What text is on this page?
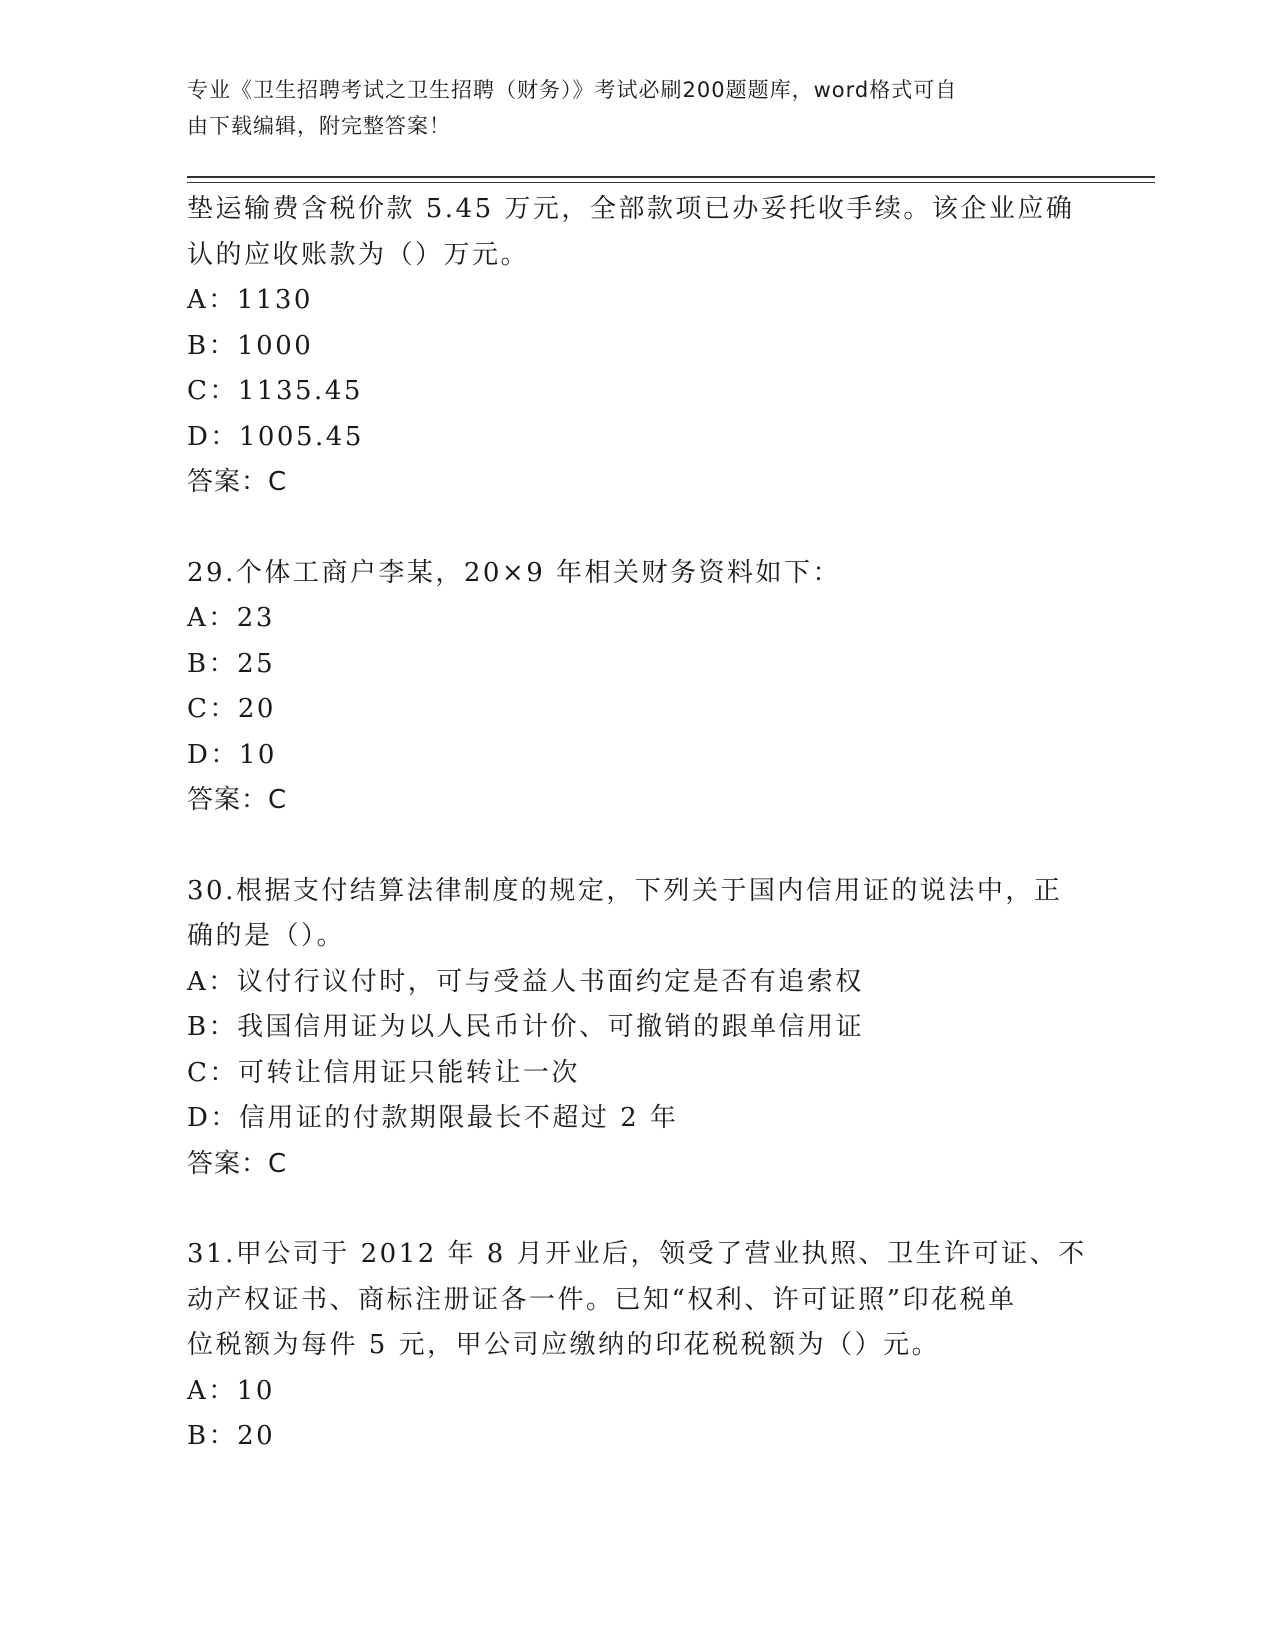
专业《卫生招聘考试之卫生招聘（财务）》考试必刷200题题库，word格式可自
由下载编辑，附完整答案！
垫运输费含税价款 5.45 万元，全部款项已办妥托收手续。该企业应确
认的应收账款为（）万元。
A：1130
B：1000
C：1135.45
D：1005.45
答案：C
29.个体工商户李某，20×9 年相关财务资料如下：
A：23
B：25
C：20
D：10
答案：C
30.根据支付结算法律制度的规定，下列关于国内信用证的说法中，正
确的是（）。
A：议付行议付时，可与受益人书面约定是否有追索权
B：我国信用证为以人民币计价、可撤销的跟单信用证
C：可转让信用证只能转让一次
D：信用证的付款期限最长不超过 2 年
答案：C
31.甲公司于 2012 年 8 月开业后，领受了营业执照、卫生许可证、不
动产权证书、商标注册证各一件。已知“权利、许可证照”印花税单
位税额为每件 5 元，甲公司应缴纳的印花税税额为（）元。
A：10
B：20
